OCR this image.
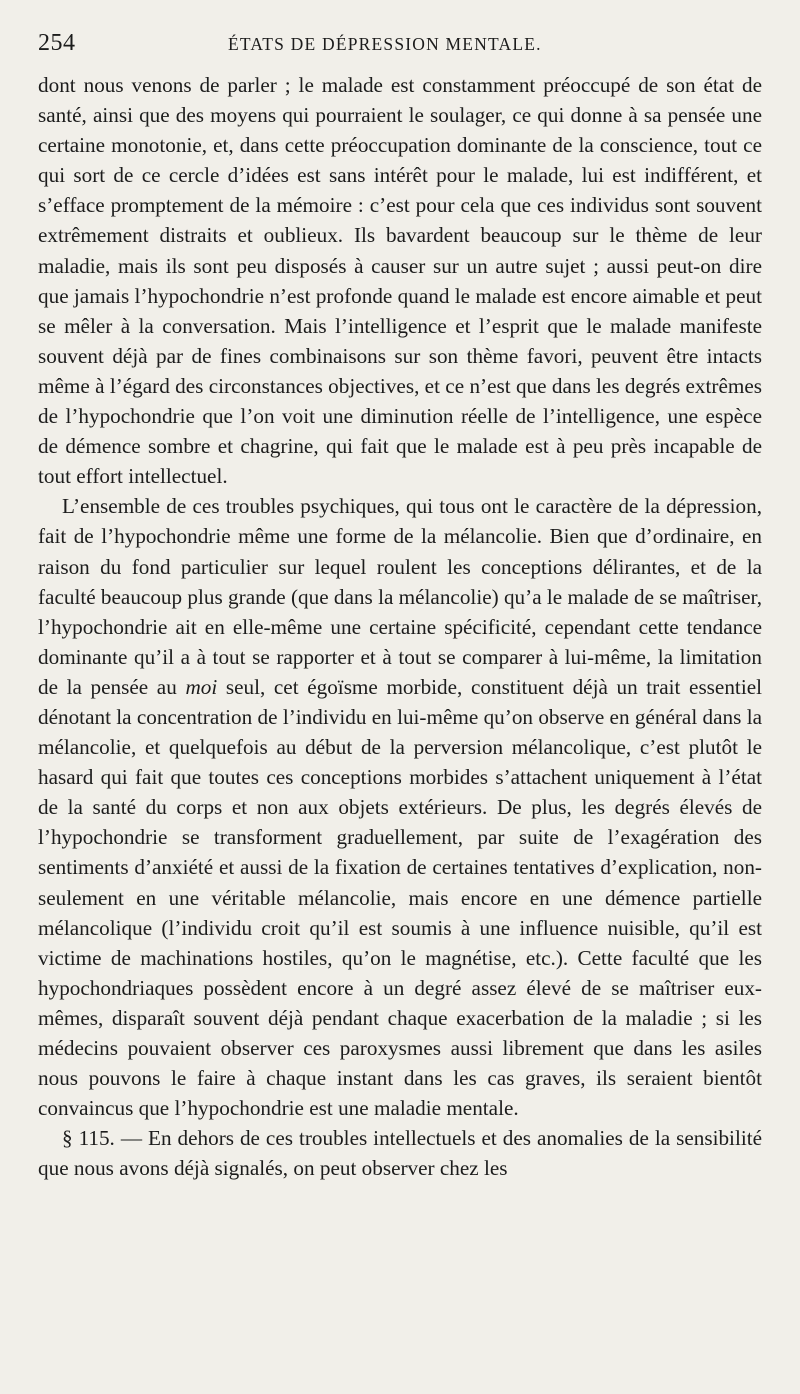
254	ÉTATS DE DÉPRESSION MENTALE.

dont nous venons de parler ; le malade est constamment préoccupé de son état de santé, ainsi que des moyens qui pourraient le soulager, ce qui donne à sa pensée une certaine monotonie, et, dans cette préoccupation dominante de la conscience, tout ce qui sort de ce cercle d’idées est sans intérêt pour le malade, lui est indifférent, et s’efface promptement de la mémoire : c’est pour cela que ces individus sont souvent extrêmement distraits et oublieux. Ils bavardent beaucoup sur le thème de leur maladie, mais ils sont peu disposés à causer sur un autre sujet ; aussi peut-on dire que jamais l’hypochondrie n’est profonde quand le malade est encore aimable et peut se mêler à la conversation. Mais l’intelligence et l’esprit que le malade manifeste souvent déjà par de fines combinaisons sur son thème favori, peuvent être intacts même à l’égard des circonstances objectives, et ce n’est que dans les degrés extrêmes de l’hypochondrie que l’on voit une diminution réelle de l’intelligence, une espèce de démence sombre et chagrine, qui fait que le malade est à peu près incapable de tout effort intellectuel.

L’ensemble de ces troubles psychiques, qui tous ont le caractère de la dépression, fait de l’hypochondrie même une forme de la mélancolie. Bien que d’ordinaire, en raison du fond particulier sur lequel roulent les conceptions délirantes, et de la faculté beaucoup plus grande (que dans la mélancolie) qu’a le malade de se maîtriser, l’hypochondrie ait en elle-même une certaine spécificité, cependant cette tendance dominante qu’il a à tout se rapporter et à tout se comparer à lui-même, la limitation de la pensée au moi seul, cet égoïsme morbide, constituent déjà un trait essentiel dénotant la concentration de l’individu en lui-même qu’on observe en général dans la mélancolie, et quelquefois au début de la perversion mélancolique, c’est plutôt le hasard qui fait que toutes ces conceptions morbides s’attachent uniquement à l’état de la santé du corps et non aux objets extérieurs. De plus, les degrés élevés de l’hypochondrie se transforment graduellement, par suite de l’exagération des sentiments d’anxiété et aussi de la fixation de certaines tentatives d’explication, non-seulement en une véritable mélancolie, mais encore en une démence partielle mélancolique (l’individu croit qu’il est soumis à une influence nuisible, qu’il est victime de machinations hostiles, qu’on le magnétise, etc.). Cette faculté que les hypochondriaques possèdent encore à un degré assez élevé de se maîtriser eux-mêmes, disparaît souvent déjà pendant chaque exacerbation de la maladie ; si les médecins pouvaient observer ces paroxysmes aussi librement que dans les asiles nous pouvons le faire à chaque instant dans les cas graves, ils seraient bientôt convaincus que l’hypochondrie est une maladie mentale.

§ 115. — En dehors de ces troubles intellectuels et des anomalies de la sensibilité que nous avons déjà signalés, on peut observer chez les
